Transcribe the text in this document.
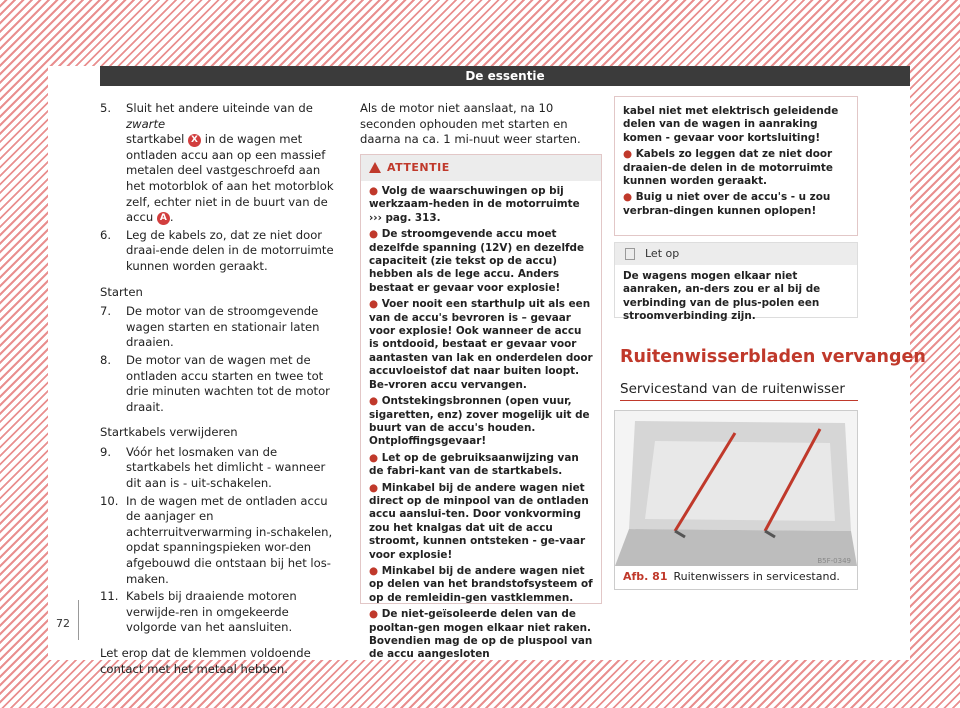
De essentie
5.	Sluit het andere uiteinde van de zwarte
startkabel X in de wagen met ontladen accu aan op een massief metalen deel vastgeschroefd aan het motorblok of aan het motorblok zelf, echter niet in de buurt van de accu A .
6.	Leg de kabels zo, dat ze niet door draai-ende delen in de motorruimte kunnen worden geraakt.
Starten
7.	De motor van de stroomgevende wagen starten en stationair laten draaien.
8.	De motor van de wagen met de ontladen accu starten en twee tot drie minuten wachten tot de motor draait.
Startkabels verwijderen
9.	Vóór het losmaken van de startkabels het dimlicht - wanneer dit aan is - uit-schakelen.
10. In de wagen met de ontladen accu de aanjager en achterruitverwarming in-schakelen, opdat spanningspieken wor-den afgebouwd die ontstaan bij het los-maken.
11. Kabels bij draaiende motoren verwijde-ren in omgekeerde volgorde van het aansluiten.
Let erop dat de klemmen voldoende contact met het metaal hebben.
Als de motor niet aanslaat, na 10 seconden ophouden met starten en daarna na ca. 1 mi-nuut weer starten.
ATTENTIE
● Volg de waarschuwingen op bij werkzaam-heden in de motorruimte ››› pag. 313.
● De stroomgevende accu moet dezelfde spanning (12V) en dezelfde capaciteit (zie tekst op de accu) hebben als de lege accu. Anders bestaat er gevaar voor explosie!
● Voer nooit een starthulp uit als een van de accu's bevroren is – gevaar voor explosie! Ook wanneer de accu is ontdooid, bestaat er gevaar voor aantasten van lak en onderdelen door accuvloeistof dat naar buiten loopt. Be-vroren accu vervangen.
● Ontstekingsbronnen (open vuur, sigaretten, enz) zover mogelijk uit de buurt van de accu's houden. Ontploffingsgevaar!
● Let op de gebruiksaanwijzing van de fabri-kant van de startkabels.
● Minkabel bij de andere wagen niet direct op de minpool van de ontladen accu aanslui-ten. Door vonkvorming zou het knalgas dat uit de accu stroomt, kunnen ontsteken - ge-vaar voor explosie!
● Minkabel bij de andere wagen niet op delen van het brandstofsysteem of op de remleidin-gen vastklemmen.
● De niet-geïsoleerde delen van de pooltan-gen mogen elkaar niet raken. Bovendien mag de op de pluspool van de accu aangesloten
kabel niet met elektrisch geleidende delen van de wagen in aanraking komen - gevaar voor kortsluiting!
● Kabels zo leggen dat ze niet door draaien-de delen in de motorruimte kunnen worden geraakt.
● Buig u niet over de accu's - u zou verbran-dingen kunnen oplopen!
Let op
De wagens mogen elkaar niet aanraken, an-ders zou er al bij de verbinding van de plus-polen een stroomverbinding zijn.
Ruitenwisserbladen vervangen
Servicestand van de ruitenwisser
B5F-0349
Afb. 81 Ruitenwissers in servicestand.
72
